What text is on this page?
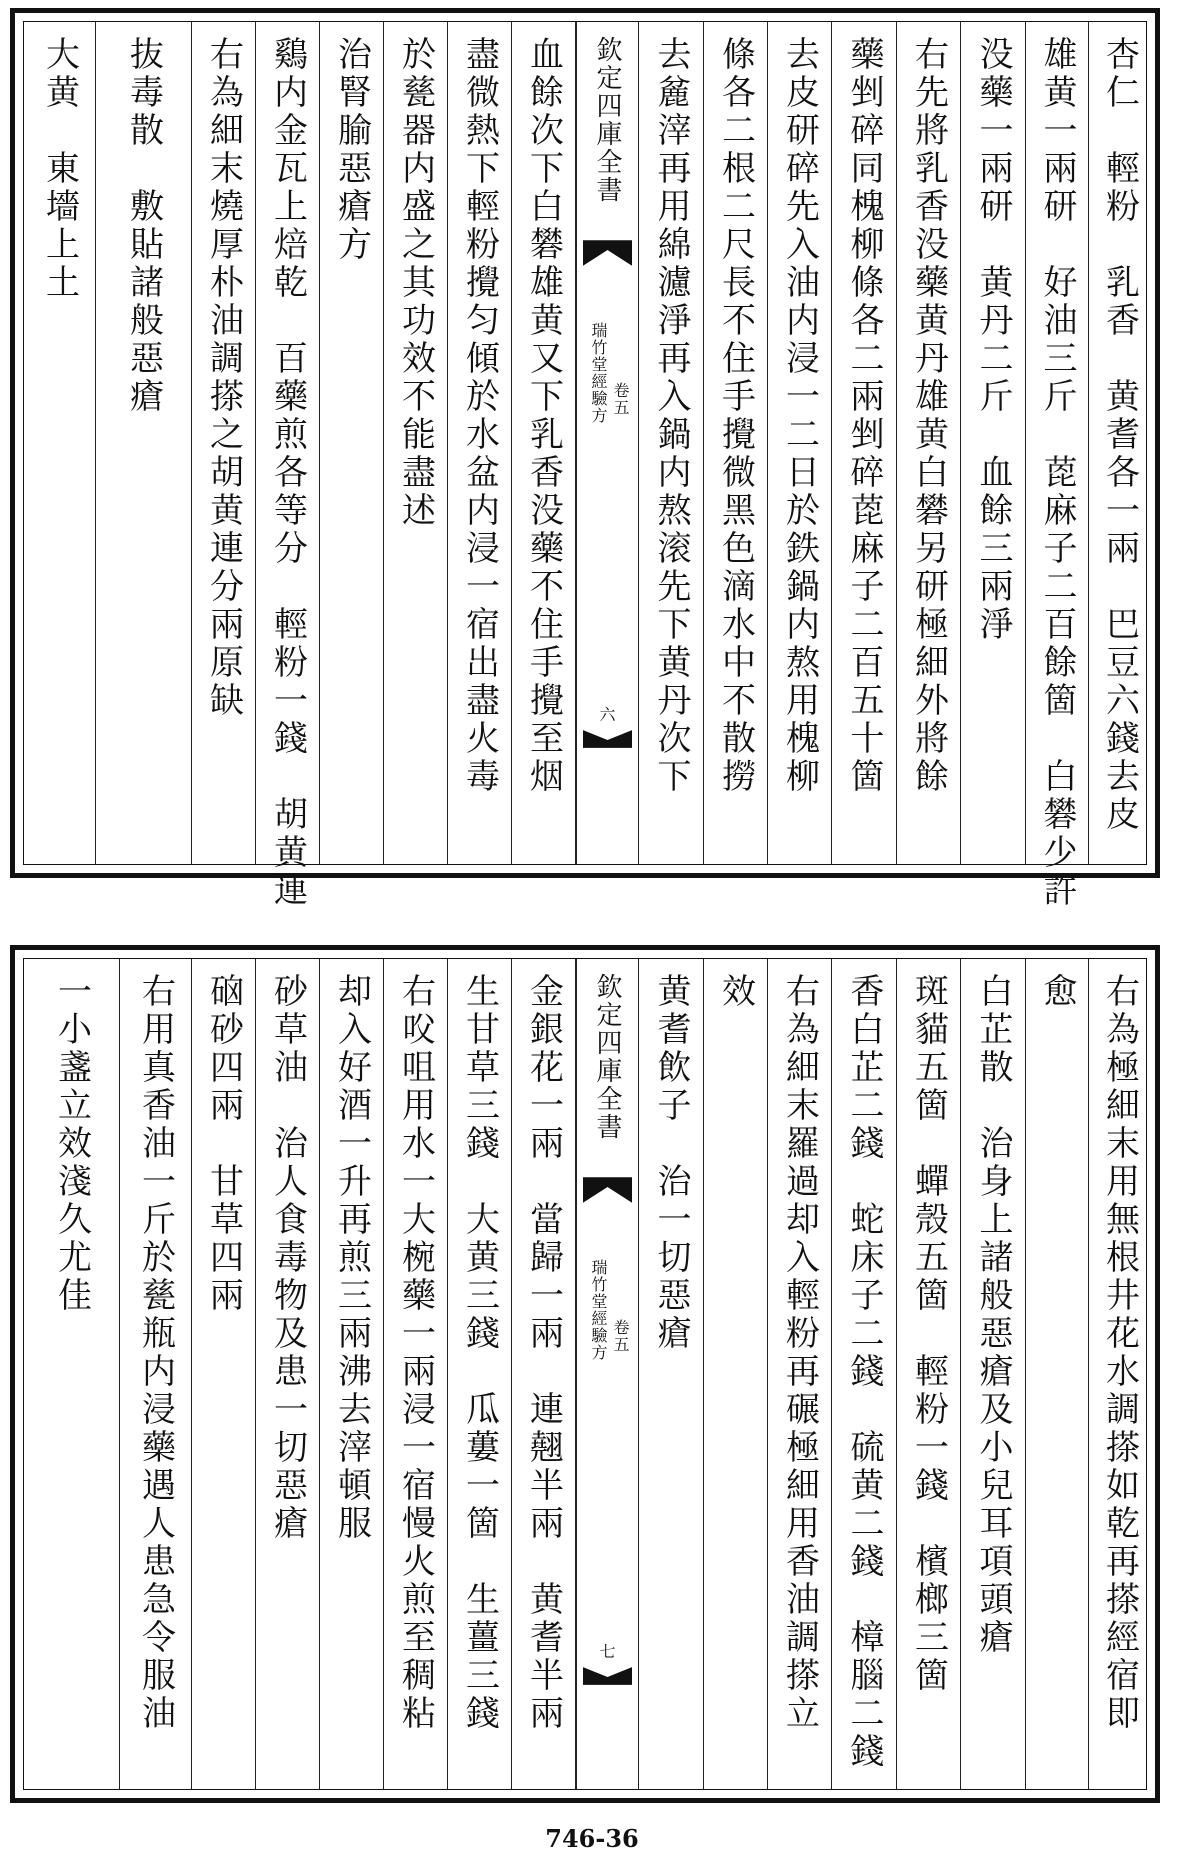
杏仁　輕粉　乳香　黄耆各一兩　巴豆六錢去皮
雄黄一兩研　好油三斤　萞麻子二百餘箇　白礬少許
没藥一兩研　黄丹二斤　血餘三兩淨
右先將乳香没藥黄丹雄黄白礬另研極細外將餘
藥剉碎同槐柳條各二兩剉碎萞麻子二百五十箇
去皮研碎先入油内浸一二日於鉄鍋内熬用槐柳
條各二根二尺長不住手攪微黑色滴水中不散撈
去麄滓再用綿濾淨再入鍋内熬滚先下黄丹次下
欽定四庫全書
瑞竹堂經驗方 卷五
六
血餘次下白礬雄黄又下乳香没藥不住手攪至烟
盡微熱下輕粉攪匀傾於水盆内浸一宿出盡火毒
於甆器内盛之其功效不能盡述
治腎腧惡瘡方
鷄内金瓦上焙乾　百藥煎各等分　輕粉一錢　胡黄連
右為細末燒厚朴油調搽之胡黄連分兩原缺
抜毒散　敷貼諸般惡瘡
大黄　東墻上土
右為極細末用無根井花水調搽如乾再搽經宿即
愈
白芷散　治身上諸般惡瘡及小兒耳項頭瘡
斑貓五箇　蟬殼五箇　輕粉一錢　檳榔三箇
香白芷二錢　蛇床子二錢　硫黄二錢　樟腦二錢
右為細末羅過却入輕粉再碾極細用香油調搽立
效
黄耆飲子　治一切惡瘡
欽定四庫全書
瑞竹堂經驗方 卷五
七
金銀花一兩　當歸一兩　連翹半兩　黄耆半兩
生甘草三錢　大黄三錢　瓜蔞一箇　生薑三錢
右㕮咀用水一大椀藥一兩浸一宿慢火煎至稠粘
却入好酒一升再煎三兩沸去滓頓服
砂草油　治人食毒物及患一切惡瘡
硇砂四兩　甘草四兩
右用真香油一斤於甆瓶内浸藥遇人患急令服油
一小盞立效淺久尤佳
746-36
